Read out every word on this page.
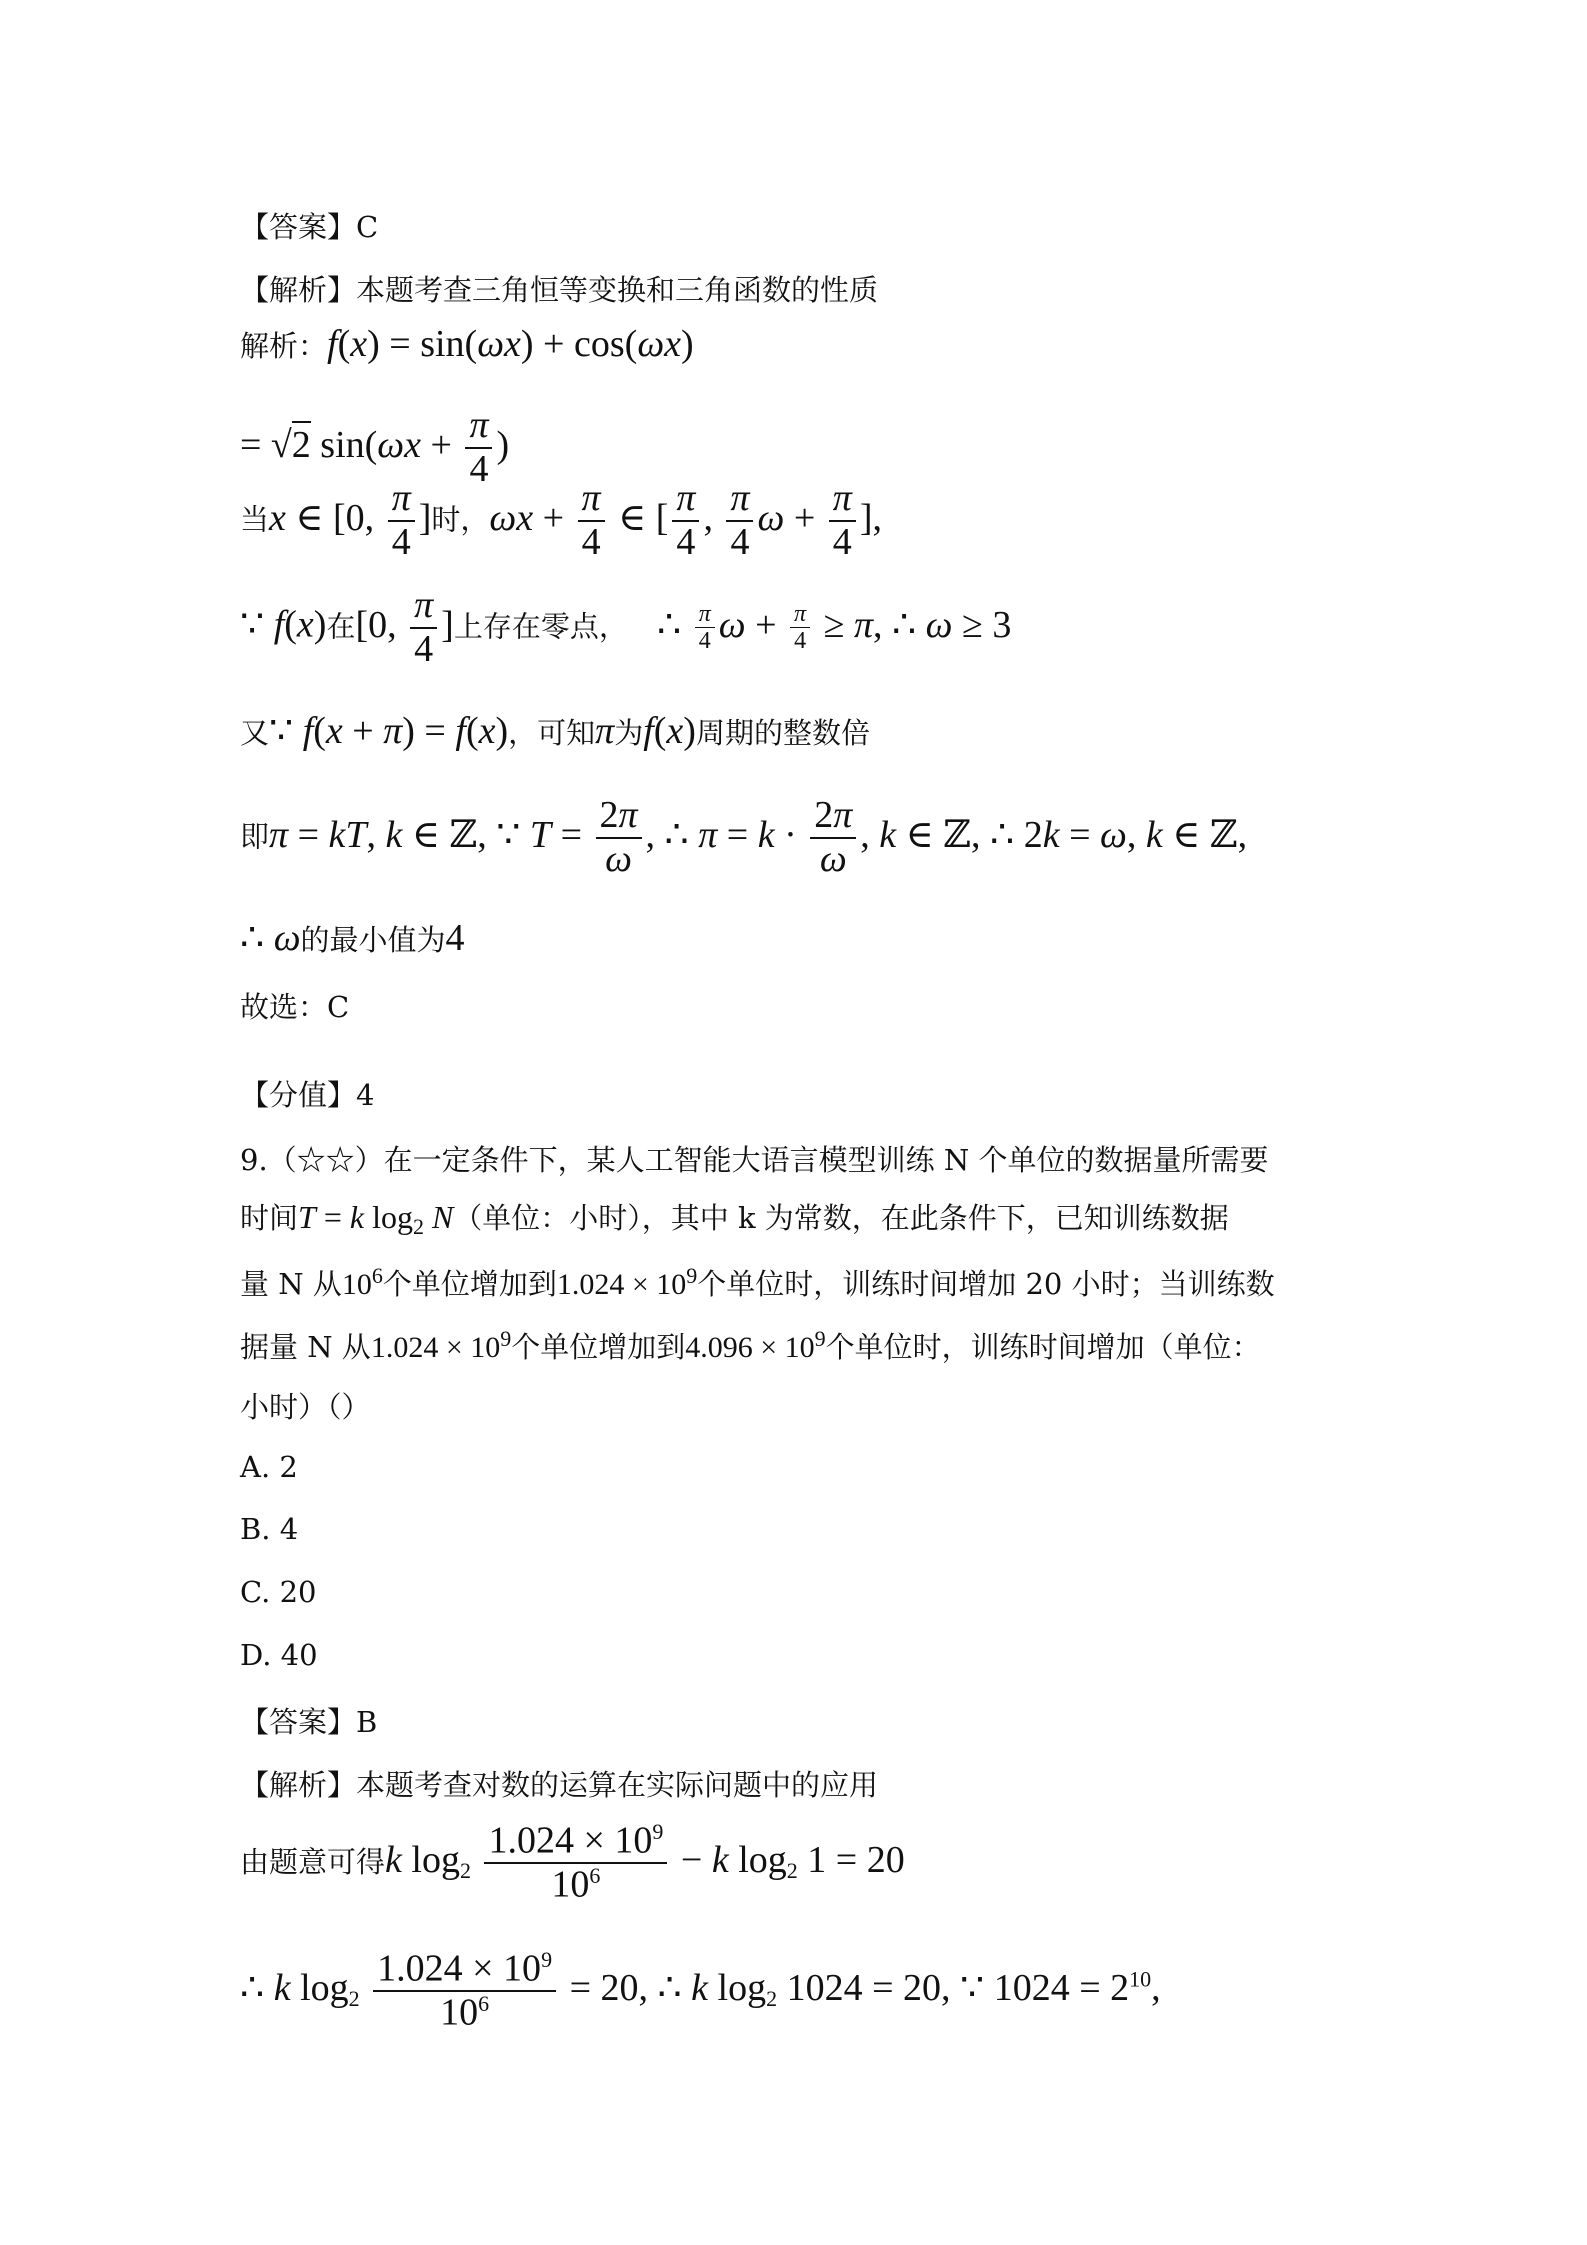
【答案】C
【解析】本题考查三角恒等变换和三角函数的性质
解析：f(x) = sin(ωx) + cos(ωx)
= √2 $\sin(\omega x + \frac{\pi}{4}$ )
当x ∈ [0, $\frac{\pi}{4}$ ]时，$\omega x + \frac{\pi}{4}$ ∈ [ $\frac{\pi}{4}$ , $\frac{\pi}{4}$ $\omega + \frac{\pi}{4}$ ],
∵ f(x)在[0, $\frac{\pi}{4}$ ]上存在零点， ∴ $\frac{\pi}{4}$ $\omega + \frac{\pi}{4} \ge \pi$, ∴ ω ≥ 3
又∵ f(x + π) = f(x)，可知π为f(x)周期的整数倍
即π = kT, k ∈ ℤ, ∵ $T = \frac{2\pi}{\omega}$ , ∴ $\pi = k \cdot \frac{2\pi}{\omega}$ , k ∈ ℤ, ∴ 2k = ω, k ∈ ℤ,
∴ ω的最小值为4
故选：C
【分值】4
9.（☆☆）在一定条件下，某人工智能大语言模型训练 N 个单位的数据量所需要
时间T = k $\log_2 N$（单位：小时），其中 k 为常数，在此条件下，已知训练数据
量 N 从$10^6$个单位增加到$1.024 \times 10^9$个单位时，训练时间增加 20 小时；当训练数
据量 N 从$1.024 \times 10^9$个单位增加到$4.096 \times 10^9$个单位时，训练时间增加（单位：
小时）（）
A. 2
B. 4
C. 20
D. 40
【答案】B
【解析】本题考查对数的运算在实际问题中的应用
由题意可得k $\log_2 \frac{1.024 \times 10^9}{10^6} - k$ $\log_2 1 = 20$
∴ k $\log_2 \frac{1.024 \times 10^9}{10^6} = 20$, ∴ k $\log_2 1024 = 20$, ∵ $1024 = 2^{10}$,
